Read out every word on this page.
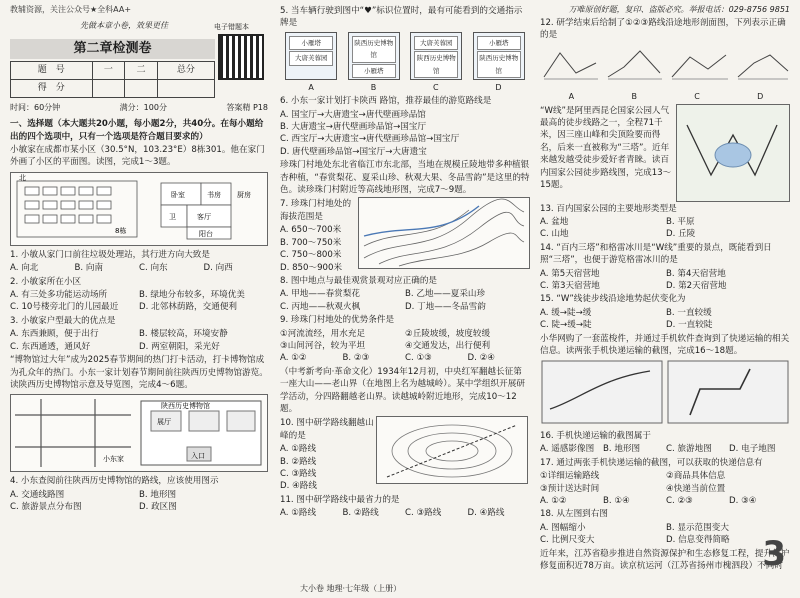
教辅资源，关注公众号★全科AA+
先做本章小卷，效果更佳
第二章检测卷
题　号	一	二	总分
得　分			
时间：60分钟	满分：100分	答案精 P18
一、选择题（本大题共20小题，每小题2分，共40分。在每小题给出的四个选项中，只有一个选项是符合题目要求的）
小敏家在成都市某小区（30.5°N，103.23°E）8栋301。他在家门外画了小区的平面图。读图，完成1～3题。
北
卧室	书房
卫	客厅
阳台
8栋
厨房
1. 小敏从家门口前往垃圾处理站，其行进方向大致是
A. 向北	B. 向南	C. 向东	D. 向西
2. 小敏家所在小区
A. 有三处多功能运动场所	B. 绿地分布较多，环境优美
C. 10号楼旁北门的儿园最近	D. 北邻林荫路，交通便利
3. 小敏家户型最大的优点是
A. 东西兼顾，便于出行	B. 楼层较高，环境安静
C. 东西通透，通风好	D. 两室朝阳，采光好
“博物馆过大年”成为2025春节期间的热门打卡活动，打卡博物馆成为孔众年的热门。小东一家计划春节期间前往陕西历史博物馆游览。读陕西历史博物馆示意及导览图，完成4～6题。
陕西历史博物馆
展厅
入口
小东家
4. 小东查阅前往陕西历史博物馆的路线，应该使用图示
A. 交通线路图	B. 地形图
C. 旅游景点分布图	D. 政区图
电子错题本
5. 当车辆行驶到图中“♥”标识位置时，最有可能看到的交通指示牌是
小雁塔
大唐芙蓉园
陕西历史博物馆
小雁塔
大唐芙蓉园
陕西历史博物馆
小雁塔
陕西历史博物馆
A	B	C	D
6. 小东一家计划打卡陕西 路馆，推荐最佳的游览路线是
A. 国宝厅→大唐遗宝→唐代壁画珍品馆
B. 大唐遗宝→唐代壁画珍品馆→国宝厅
C. 西宝厅→大唐遗宝→唐代壁画珍品馆→国宝厅
D. 唐代壁画珍品馆→国宝厅→大唐遗宝
珍珠门村地处东北省临江市东北部，当地在规模丘陵地带多种植银杏种植，“春赏梨花、夏采山珍、秋观大果、冬品雪韵”是这里的特色。读珍珠门村附近等高线地形图，完成7～9题。
7. 珍珠门村地处的海拔范围是
A. 650～700米
B. 700～750米
C. 750～800米
D. 850～900米
8. 图中地点与最佳观赏景观对应正确的是
A. 甲地——春赏梨花	B. 乙地——夏采山珍
C. 丙地——秋观火枫	D. 丁地——冬品雪韵
9. 珍珠门村地处的优势条件是
①河流流经，用水充足	②丘陵坡缓，坡度较缓
③山间河谷，较为平坦	④交通发达，出行便利
A. ①②	B. ②③	C. ①③	D. ②④
（中考新考向·革命文化）1934年12月初，中央红军翻越长征第一座大山——老山界（在地图上名为越城岭）。某中学组织开展研学活动，分四路翻越老山界。读越城岭附近地形，完成10～12题。
10. 图中研学路线翻越山峰的是
A. ①路线
B. ②路线
C. ③路线
D. ④路线
11. 图中研学路线中最省力的是
A. ①路线	B. ②路线	C. ③路线	D. ④路线
12. 研学结束后给制了①②③路线沿途地形剖面图，下列表示正确的是
A	B	C	D
“W线”是阿里西昆仑国家公园人气最高的徒步线路之一，全程71千米，因三座山峰和尖顶险要而得名，后来一直被称为“三塔”。近年来越发越受徒步爱好者青睐。读百内国家公园徒步路线图，完成13～15题。
13. 百内国家公园的主要地形类型是
A. 盆地	B. 平原
C. 山地	D. 丘陵
14. “百内三塔”和格雷冰川是“W线”重要的景点，既能看到日照“三塔”，也便于游览格雷冰川的是
A. 第5天宿营地	B. 第4天宿营地
C. 第3天宿营地	D. 第2天宿营地
15. “W”线徒步线沿途地势起伏变化为
A. 缓→陡→缓	B. 一直较缓
C. 陡→缓→陡	D. 一直较陡
小华网购了一套蓝梭件，并通过手机软件查询到了快递运输的相关信息。读两张手机快递运输的截图，完成16～18题。
16. 手机快递运输的截图属于
A. 遥感影像图	B. 地形图	C. 旅游地图	D. 电子地图
17. 通过两张手机快递运输的截图，可以获取的快递信息有
①详细运输路线	②商品具体信息
③预计送达时间	④快递当前位置
A. ①②	B. ①④	C. ②③	D. ③④
18. 从左图到右图
A. 图幅缩小	B. 显示范围变大
C. 比例尺变大	D. 信息变得简略
近年来，江苏省稳步推进自然资源保护和生态修复工程，提升保护修复面积近78万亩。读京杭运河（江苏省扬州市槐泗段）不同时
万唯原创好题，复印、盗版必究。举报电话：029-8756 9851
3
大小卷 地理·七年级（上册）
